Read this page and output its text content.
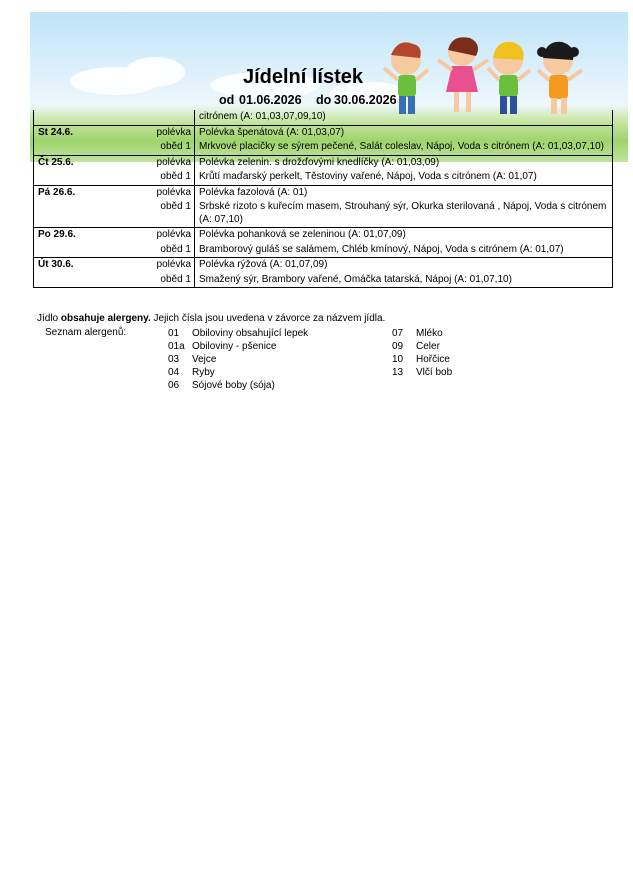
Jídelní lístek
od 01.06.2026 do 30.06.2026
		citrónem (A: 01,03,07,09,10)
St 24.6.	polévka	Polévka špenátová (A: 01,03,07)
	oběd 1	Mrkvové placičky se sýrem pečené, Salát coleslav, Nápoj, Voda s citrónem (A: 01,03,07,10)
Čt 25.6.	polévka	Polévka zelenin. s drožďovými knedlíčky (A: 01,03,09)
	oběd 1	Krůtí maďarský perkelt, Těstoviny vařené, Nápoj, Voda s citrónem (A: 01,07)
Pá 26.6.	polévka	Polévka fazolová (A: 01)
	oběd 1	Srbské rizoto s kuřecím masem, Strouhaný sýr, Okurka sterilovaná , Nápoj, Voda s citrónem (A: 07,10)
Po 29.6.	polévka	Polévka pohanková se zeleninou (A: 01,07,09)
	oběd 1	Bramborový guláš se salámem, Chléb kmínový, Nápoj, Voda s citrónem (A: 01,07)
Út 30.6.	polévka	Polévka rýžová (A: 01,07,09)
	oběd 1	Smažený sýr, Brambory vařené, Omáčka tatarská, Nápoj (A: 01,07,10)
Jídlo obsahuje alergeny. Jejich čísla jsou uvedena v závorce za názvem jídla.
Seznam alergenů:	01 Obiloviny obsahující lepek
01a Obiloviny - pšenice
03 Vejce
04 Ryby
06 Sójové boby (sója)
07 Mléko
09 Celer
10 Hořčice
13 Vlčí bob
